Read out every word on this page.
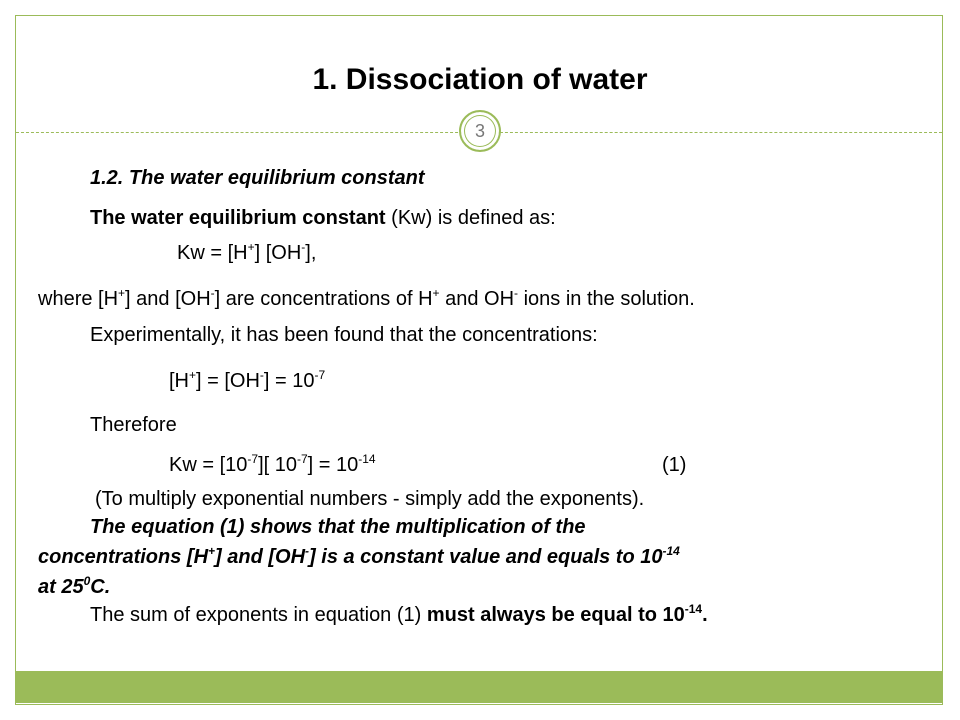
1. Dissociation of water
3
1.2. The water equilibrium constant
The water equilibrium constant (Kw) is defined as:
Kw = [H+] [OH-],
where [H+] and [OH-] are concentrations of H+ and OH- ions in the solution.
Experimentally, it has been found that the concentrations:
$[H^+] = [OH^-] = 10^{-7}$
Therefore
$Kw = [10^{-7}]$[ $10^{-7}] = 10^{-14}$	(1)
(To multiply exponential numbers - simply add the exponents).
The equation (1) shows that the multiplication of the
concentrations [H+] and [OH-] is a constant value and equals to $10^{-14}$
at $25^0C$.
The sum of exponents in equation (1) must always be equal to $10^{-14}$.
